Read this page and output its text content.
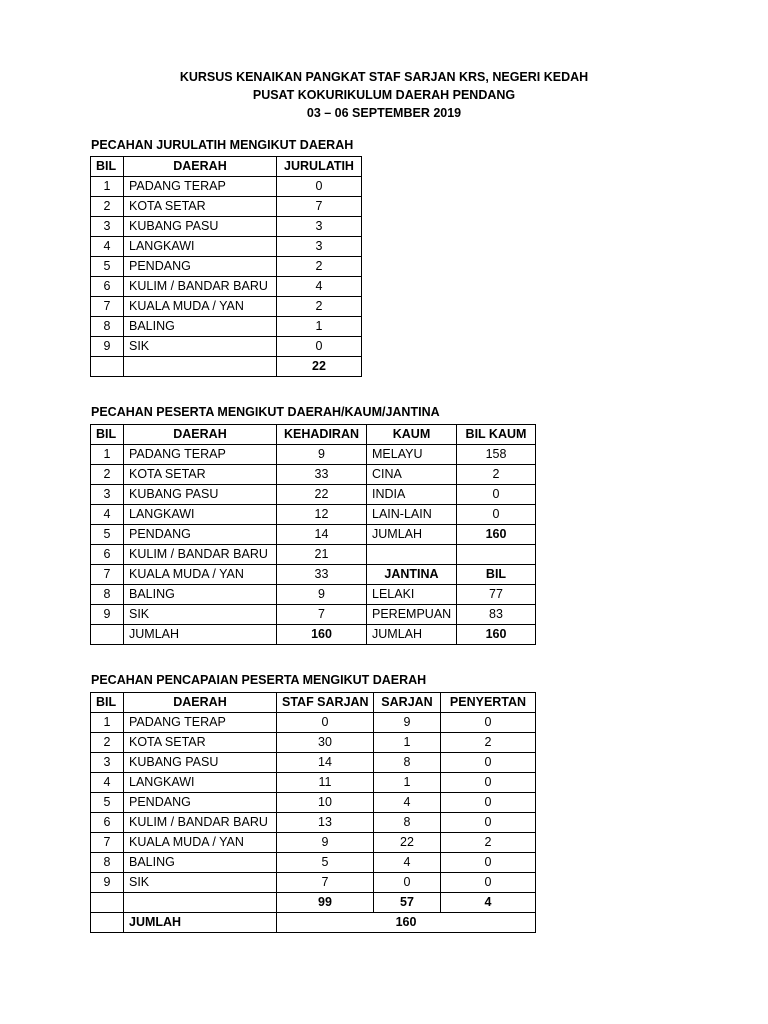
KURSUS KENAIKAN PANGKAT STAF SARJAN KRS, NEGERI KEDAH
PUSAT KOKURIKULUM DAERAH PENDANG
03 – 06 SEPTEMBER 2019
PECAHAN JURULATIH MENGIKUT DAERAH
BIL	DAERAH	JURULATIH
1	PADANG TERAP	0
2	KOTA SETAR	7
3	KUBANG PASU	3
4	LANGKAWI	3
5	PENDANG	2
6	KULIM / BANDAR BARU	4
7	KUALA MUDA / YAN	2
8	BALING	1
9	SIK	0
		22
PECAHAN PESERTA MENGIKUT DAERAH/KAUM/JANTINA
BIL	DAERAH	KEHADIRAN	KAUM	BIL KAUM
1	PADANG TERAP	9	MELAYU	158
2	KOTA SETAR	33	CINA	2
3	KUBANG PASU	22	INDIA	0
4	LANGKAWI	12	LAIN-LAIN	0
5	PENDANG	14	JUMLAH	160
6	KULIM / BANDAR BARU	21		
7	KUALA MUDA / YAN	33	JANTINA	BIL
8	BALING	9	LELAKI	77
9	SIK	7	PEREMPUAN	83
	JUMLAH	160	JUMLAH	160
PECAHAN PENCAPAIAN PESERTA MENGIKUT DAERAH
BIL	DAERAH	STAF SARJAN	SARJAN	PENYERTAN
1	PADANG TERAP	0	9	0
2	KOTA SETAR	30	1	2
3	KUBANG PASU	14	8	0
4	LANGKAWI	11	1	0
5	PENDANG	10	4	0
6	KULIM / BANDAR BARU	13	8	0
7	KUALA MUDA / YAN	9	22	2
8	BALING	5	4	0
9	SIK	7	0	0
		99	57	4
	JUMLAH	160		
